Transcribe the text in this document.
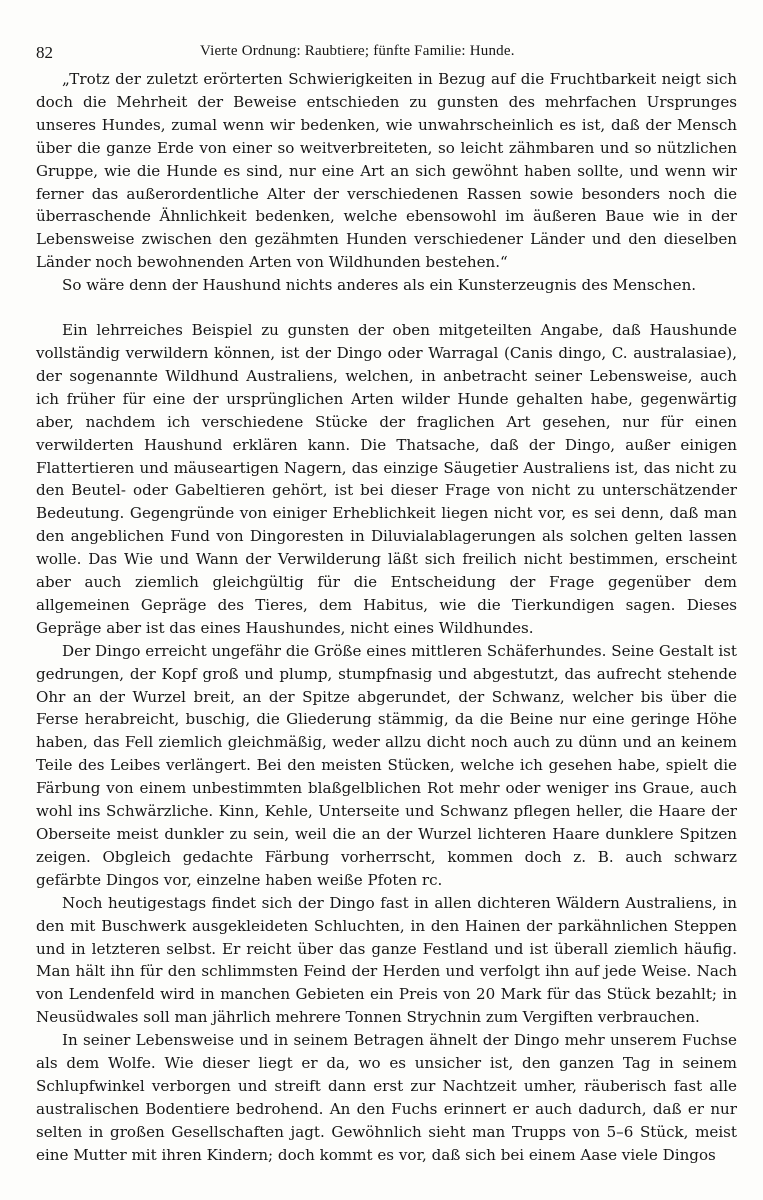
82	Vierte Ordnung: Raubtiere; fünfte Familie: Hunde.

„Trotz der zuletzt erörterten Schwierigkeiten in Bezug auf die Fruchtbarkeit neigt sich doch die Mehrheit der Beweise entschieden zu gunsten des mehrfachen Ursprunges unseres Hundes, zumal wenn wir bedenken, wie unwahrscheinlich es ist, daß der Mensch über die ganze Erde von einer so weitverbreiteten, so leicht zähmbaren und so nützlichen Gruppe, wie die Hunde es sind, nur eine Art an sich gewöhnt haben sollte, und wenn wir ferner das außerordentliche Alter der verschiedenen Rassen sowie besonders noch die überraschende Ähnlichkeit bedenken, welche ebensowohl im äußeren Baue wie in der Lebensweise zwischen den gezähmten Hunden verschiedener Länder und den dieselben Länder noch bewohnenden Arten von Wildhunden bestehen.“

So wäre denn der Haushund nichts anderes als ein Kunsterzeugnis des Menschen.

Ein lehrreiches Beispiel zu gunsten der oben mitgeteilten Angabe, daß Haushunde vollständig verwildern können, ist der Dingo oder Warragal (Canis dingo, C. australasiae), der sogenannte Wildhund Australiens, welchen, in anbetracht seiner Lebensweise, auch ich früher für eine der ursprünglichen Arten wilder Hunde gehalten habe, gegenwärtig aber, nachdem ich verschiedene Stücke der fraglichen Art gesehen, nur für einen verwilderten Haushund erklären kann. Die Thatsache, daß der Dingo, außer einigen Flattertieren und mäuseartigen Nagern, das einzige Säugetier Australiens ist, das nicht zu den Beutel- oder Gabeltieren gehört, ist bei dieser Frage von nicht zu unterschätzender Bedeutung. Gegengründe von einiger Erheblichkeit liegen nicht vor, es sei denn, daß man den angeblichen Fund von Dingoresten in Diluvialablagerungen als solchen gelten lassen wolle. Das Wie und Wann der Verwilderung läßt sich freilich nicht bestimmen, erscheint aber auch ziemlich gleichgültig für die Entscheidung der Frage gegenüber dem allgemeinen Gepräge des Tieres, dem Habitus, wie die Tierkundigen sagen. Dieses Gepräge aber ist das eines Haushundes, nicht eines Wildhundes.

Der Dingo erreicht ungefähr die Größe eines mittleren Schäferhundes. Seine Gestalt ist gedrungen, der Kopf groß und plump, stumpfnasig und abgestutzt, das aufrecht stehende Ohr an der Wurzel breit, an der Spitze abgerundet, der Schwanz, welcher bis über die Ferse herabreicht, buschig, die Gliederung stämmig, da die Beine nur eine geringe Höhe haben, das Fell ziemlich gleichmäßig, weder allzu dicht noch auch zu dünn und an keinem Teile des Leibes verlängert. Bei den meisten Stücken, welche ich gesehen habe, spielt die Färbung von einem unbestimmten blaßgelblichen Rot mehr oder weniger ins Graue, auch wohl ins Schwärzliche. Kinn, Kehle, Unterseite und Schwanz pflegen heller, die Haare der Oberseite meist dunkler zu sein, weil die an der Wurzel lichteren Haare dunklere Spitzen zeigen. Obgleich gedachte Färbung vorherrscht, kommen doch z. B. auch schwarz gefärbte Dingos vor, einzelne haben weiße Pfoten rc.

Noch heutigestags findet sich der Dingo fast in allen dichteren Wäldern Australiens, in den mit Buschwerk ausgekleideten Schluchten, in den Hainen der parkähnlichen Steppen und in letzteren selbst. Er reicht über das ganze Festland und ist überall ziemlich häufig. Man hält ihn für den schlimmsten Feind der Herden und verfolgt ihn auf jede Weise. Nach von Lendenfeld wird in manchen Gebieten ein Preis von 20 Mark für das Stück bezahlt; in Neusüdwales soll man jährlich mehrere Tonnen Strychnin zum Vergiften verbrauchen.

In seiner Lebensweise und in seinem Betragen ähnelt der Dingo mehr unserem Fuchse als dem Wolfe. Wie dieser liegt er da, wo es unsicher ist, den ganzen Tag in seinem Schlupfwinkel verborgen und streift dann erst zur Nachtzeit umher, räuberisch fast alle australischen Bodentiere bedrohend. An den Fuchs erinnert er auch dadurch, daß er nur selten in großen Gesellschaften jagt. Gewöhnlich sieht man Trupps von 5–6 Stück, meist eine Mutter mit ihren Kindern; doch kommt es vor, daß sich bei einem Aase viele Dingos
